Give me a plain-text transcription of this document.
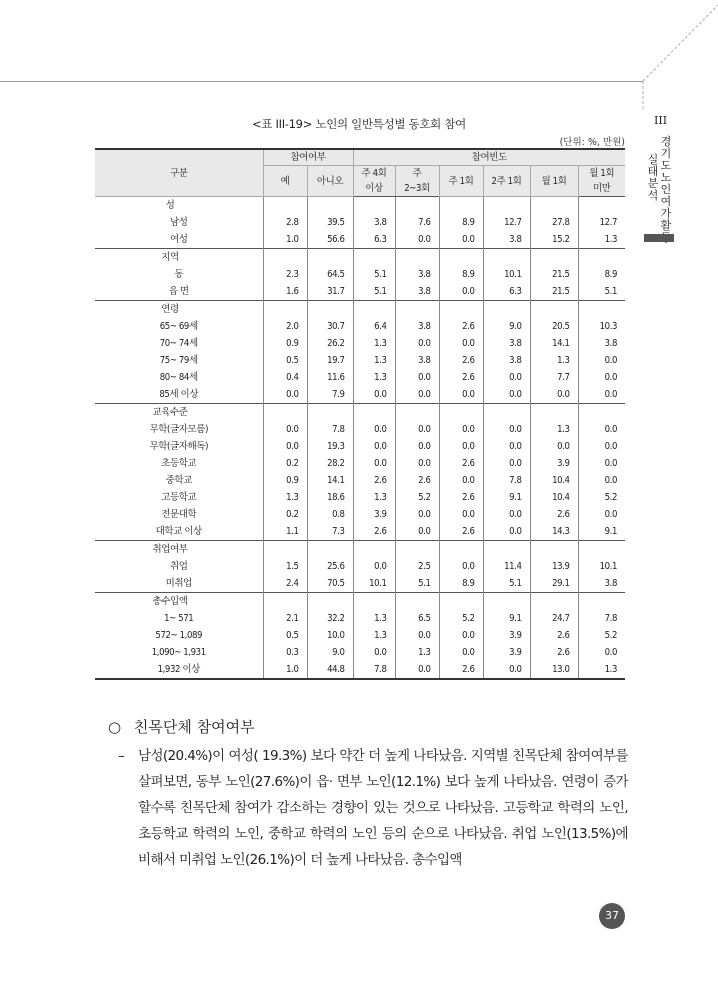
III
경기도 노인여가활
실태분석
<표 III-19> 노인의 일반특성별 동호회 참여
(단위: %, 만원)
구분	참여여부		참여빈도					
	예	아니오	주 4회	주	주 1회	2주 1회	월 1회	월 1회
			이상	2~3회				미만
성								
남성	2.8	39.5	3.8	7.6	8.9	12.7	27.8	12.7
여성	1.0	56.6	6.3	0.0	0.0	3.8	15.2	1.3
지역								
동	2.3	64.5	5.1	3.8	8.9	10.1	21.5	8.9
읍 면	1.6	31.7	5.1	3.8	0.0	6.3	21.5	5.1
연령								
65~ 69세	2.0	30.7	6.4	3.8	2.6	9.0	20.5	10.3
70~ 74세	0.9	26.2	1.3	0.0	0.0	3.8	14.1	3.8
75~ 79세	0.5	19.7	1.3	3.8	2.6	3.8	1.3	0.0
80~ 84세	0.4	11.6	1.3	0.0	2.6	0.0	7.7	0.0
85세 이상	0.0	7.9	0.0	0.0	0.0	0.0	0.0	0.0
교육수준								
무학(글자모름)	0.0	7.8	0.0	0.0	0.0	0.0	1.3	0.0
무학(글자해독)	0.0	19.3	0.0	0.0	0.0	0.0	0.0	0.0
초등학교	0.2	28.2	0.0	0.0	2.6	0.0	3.9	0.0
중학교	0.9	14.1	2.6	2.6	0.0	7.8	10.4	0.0
고등학교	1.3	18.6	1.3	5.2	2.6	9.1	10.4	5.2
전문대학	0.2	0.8	3.9	0.0	0.0	0.0	2.6	0.0
대학교 이상	1.1	7.3	2.6	0.0	2.6	0.0	14.3	9.1
취업여부								
취업	1.5	25.6	0.0	2.5	0.0	11.4	13.9	10.1
미취업	2.4	70.5	10.1	5.1	8.9	5.1	29.1	3.8
총수입액								
1~ 571	2.1	32.2	1.3	6.5	5.2	9.1	24.7	7.8
572~ 1,089	0.5	10.0	1.3	0.0	0.0	3.9	2.6	5.2
1,090~ 1,931	0.3	9.0	0.0	1.3	0.0	3.9	2.6	0.0
1,932 이상	1.0	44.8	7.8	0.0	2.6	0.0	13.0	1.3
○ 친목단체 참여여부
– 남성(20.4%)이 여성( 19.3%) 보다 약간 더 높게 나타났음. 지역별 친목단체 참여여부를 살펴보면, 동부 노인(27.6%)이 읍· 면부 노인(12.1%) 보다 높게 나타났음. 연령이 증가할수록 친목단체 참여가 감소하는 경향이 있는 것으로 나타났음. 고등학교 학력의 노인, 초등학교 학력의 노인, 중학교 학력의 노인 등의 순으로 나타났음. 취업 노인(13.5%)에 비해서 미취업 노인(26.1%)이 더 높게 나타났음. 총수입액
37
